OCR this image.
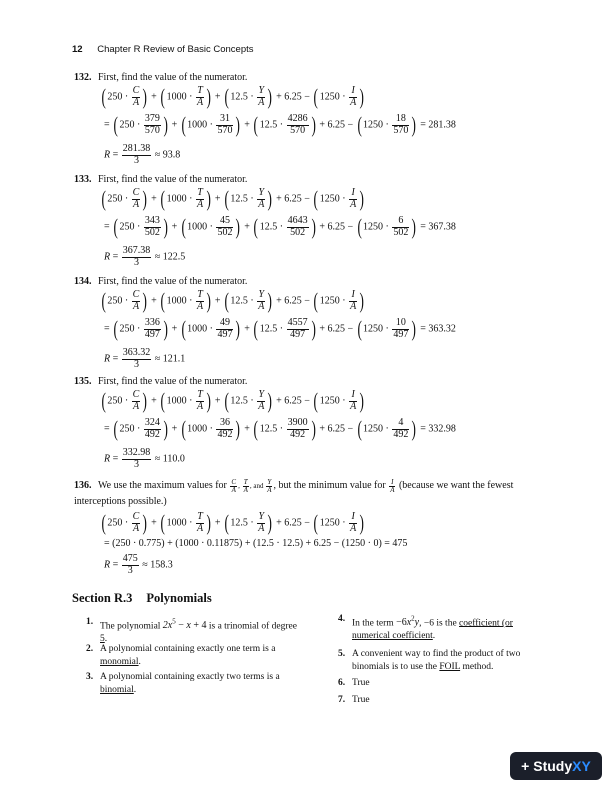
12 Chapter R Review of Basic Concepts
132. First, find the value of the numerator.
($250 \cdot \frac{C}{A}$ ) + ($1000 \cdot \frac{T}{A}$ ) + ($12.5 \cdot \frac{Y}{A}$ ) + $6.25 - (1250 \cdot \frac{I}{A}$ )
= ($250 \cdot \frac{379}{570}$ ) + ($1000 \cdot \frac{31}{570}$ ) + ($12.5 \cdot \frac{4286}{570}$ ) + $6.25 - (1250 \cdot \frac{18}{570}$ ) = 281.38
$R = \frac{281.38}{3} \approx 93.8$
133. First, find the value of the numerator.
($250 \cdot \frac{C}{A}$ ) + ($1000 \cdot \frac{T}{A}$ ) + ($12.5 \cdot \frac{Y}{A}$ ) + $6.25 - (1250 \cdot \frac{I}{A}$ )
= ($250 \cdot \frac{343}{502}$ ) + ($1000 \cdot \frac{45}{502}$ ) + ($12.5 \cdot \frac{4643}{502}$ ) + $6.25 - (1250 \cdot \frac{6}{502}$ ) = 367.38
$R = \frac{367.38}{3} \approx 122.5$
134. First, find the value of the numerator.
($250 \cdot \frac{C}{A}$ ) + ($1000 \cdot \frac{T}{A}$ ) + ($12.5 \cdot \frac{Y}{A}$ ) + $6.25 - (1250 \cdot \frac{I}{A}$ )
= ($250 \cdot \frac{336}{497}$ ) + ($1000 \cdot \frac{49}{497}$ ) + ($12.5 \cdot \frac{4557}{497}$ ) + $6.25 - (1250 \cdot \frac{10}{497}$ ) = 363.32
$R = \frac{363.32}{3} \approx 121.1$
135. First, find the value of the numerator.
($250 \cdot \frac{C}{A}$ ) + ($1000 \cdot \frac{T}{A}$ ) + ($12.5 \cdot \frac{Y}{A}$ ) + $6.25 - (1250 \cdot \frac{I}{A}$ )
= ($250 \cdot \frac{324}{492}$ ) + ($1000 \cdot \frac{36}{492}$ ) + ($12.5 \cdot \frac{3900}{492}$ ) + $6.25 - (1250 \cdot \frac{4}{492}$ ) = 332.98
$R = \frac{332.98}{3} \approx 110.0$
136. We use the maximum values for $\frac{C}{A}$ , $\frac{T}{A}$ , and $\frac{Y}{A}$ , but the minimum value for $\frac{I}{A}$ (because we want the fewest
interceptions possible.)
($250 \cdot \frac{C}{A}$ ) + ($1000 \cdot \frac{T}{A}$ ) + ($12.5 \cdot \frac{Y}{A}$ ) + $6.25 - (1250 \cdot \frac{I}{A}$ )
= (250 · 0.775) + (1000 · 0.11875) + (12.5 · 12.5) + 6.25 − (1250 · 0) = 475
$R = \frac{475}{3} \approx 158.3$
Section R.3 Polynomials
1. The polynomial $2x^5 - x + 4$ is a trinomial of degree 5.
2. A polynomial containing exactly one term is a monomial.
3. A polynomial containing exactly two terms is a binomial.
4. In the term $-6x^2y$, −6 is the coefficient (or numerical coefficient.
5. A convenient way to find the product of two binomials is to use the FOIL method.
6. True
7. True
+ Study XY
